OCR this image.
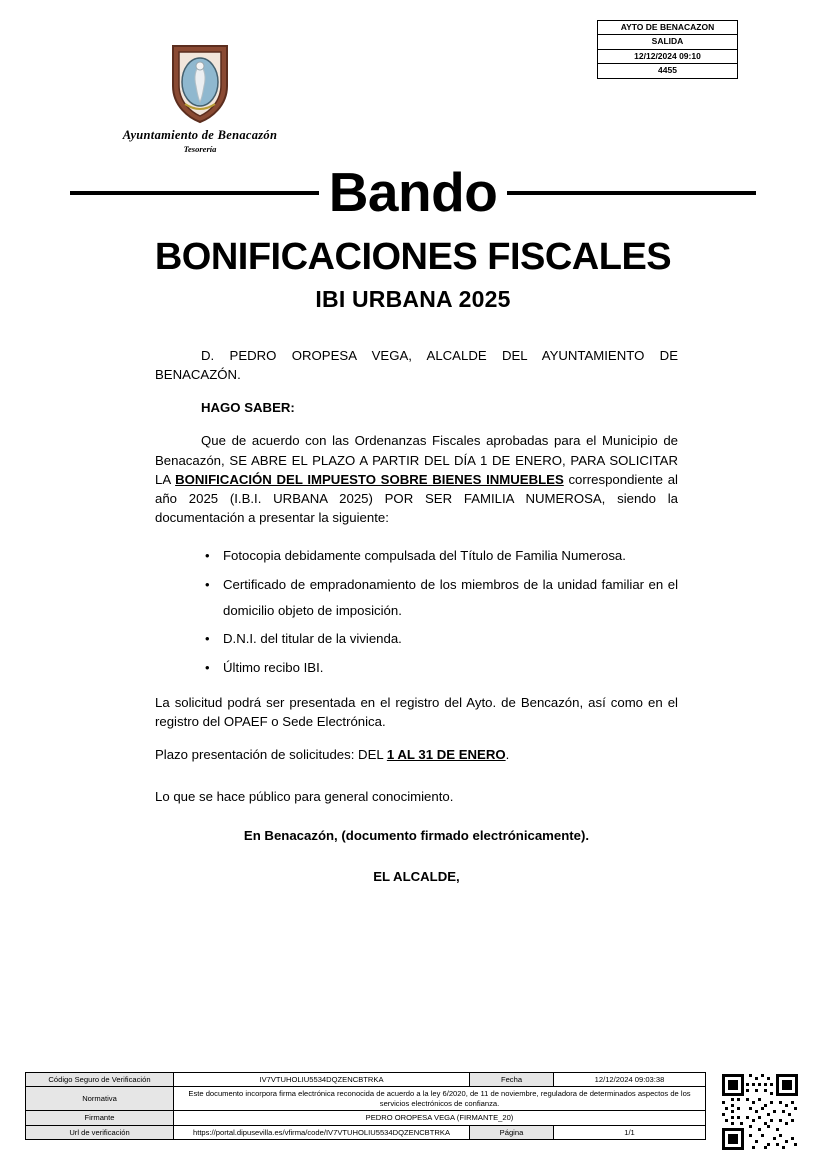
AYTO DE BENACAZON
SALIDA
12/12/2024 09:10
4455
Ayuntamiento de Benacazón
Tesorería
Bando
BONIFICACIONES FISCALES
IBI URBANA 2025

D. PEDRO OROPESA VEGA, ALCALDE DEL AYUNTAMIENTO DE BENACAZÓN.

HAGO SABER:

Que de acuerdo con las Ordenanzas Fiscales aprobadas para el Municipio de Benacazón, SE ABRE EL PLAZO A PARTIR DEL DÍA 1 DE ENERO, PARA SOLICITAR LA BONIFICACIÓN DEL IMPUESTO SOBRE BIENES INMUEBLES correspondiente al año 2025 (I.B.I. URBANA 2025) POR SER FAMILIA NUMEROSA, siendo la documentación a presentar la siguiente:

• Fotocopia debidamente compulsada del Título de Familia Numerosa.
• Certificado de empradonamiento de los miembros de la unidad familiar en el domicilio objeto de imposición.
• D.N.I. del titular de la vivienda.
• Último recibo IBI.

La solicitud podrá ser presentada en el registro del Ayto. de Bencazón, así como en el registro del OPAEF o Sede Electrónica.

Plazo presentación de solicitudes: DEL 1 AL 31 DE ENERO.

Lo que se hace público para general conocimiento.

En Benacazón, (documento firmado electrónicamente).

EL ALCALDE,

Código Seguro de Verificación	IV7VTUHOLIU5534DQZENCBTRKA	Fecha	12/12/2024 09:03:38
Normativa	Este documento incorpora firma electrónica reconocida de acuerdo a la ley 6/2020, de 11 de noviembre, reguladora de determinados aspectos de los servicios electrónicos de confianza.		
Firmante	PEDRO OROPESA VEGA (FIRMANTE_20)		
Url de verificación	https://portal.dipusevilla.es/vfirma/code/IV7VTUHOLIU5534DQZENCBTRKA	Página	1/1
